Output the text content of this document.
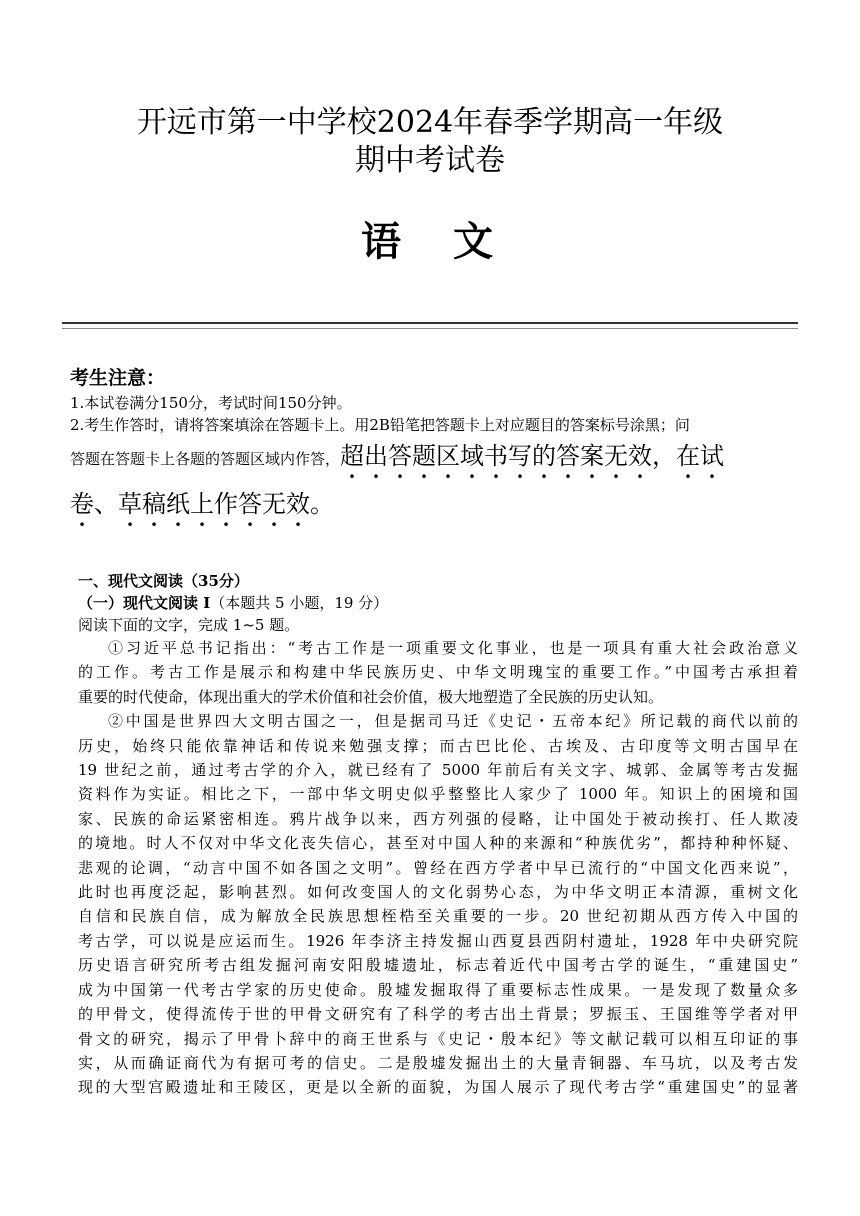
开远市第一中学校2024年春季学期高一年级
期中考试卷
语 文
考生注意：
1.本试卷满分150分，考试时间150分钟。
2.考生作答时，请将答案填涂在答题卡上。用2B铅笔把答题卡上对应题目的答案标号涂黑；问
答题在答题卡上各题的答题区域内作答，超出答题区域书写的答案无效，在试
卷、草稿纸上作答无效。
一、现代文阅读（35分）
（一）现代文阅读 Ⅰ（本题共 5 小题，19 分）
阅读下面的文字，完成 1~5 题。
①习近平总书记指出：“考古工作是一项重要文化事业，也是一项具有重大社会政治意义
的工作。考古工作是展示和构建中华民族历史、中华文明瑰宝的重要工作。”中国考古承担着
重要的时代使命，体现出重大的学术价值和社会价值，极大地塑造了全民族的历史认知。
②中国是世界四大文明古国之一，但是据司马迁《史记・五帝本纪》所记载的商代以前的
历史，始终只能依靠神话和传说来勉强支撑；而古巴比伦、古埃及、古印度等文明古国早在
19 世纪之前，通过考古学的介入，就已经有了 5000 年前后有关文字、城郭、金属等考古发掘
资料作为实证。相比之下，一部中华文明史似乎整整比人家少了 1000 年。知识上的困境和国
家、民族的命运紧密相连。鸦片战争以来，西方列强的侵略，让中国处于被动挨打、任人欺凌
的境地。时人不仅对中华文化丧失信心，甚至对中国人种的来源和“种族优劣”，都持种种怀疑、
悲观的论调，“动言中国不如各国之文明”。曾经在西方学者中早已流行的“中国文化西来说”，
此时也再度泛起，影响甚烈。如何改变国人的文化弱势心态，为中华文明正本清源，重树文化
自信和民族自信，成为解放全民族思想桎梏至关重要的一步。20 世纪初期从西方传入中国的
考古学，可以说是应运而生。1926 年李济主持发掘山西夏县西阴村遗址，1928 年中央研究院
历史语言研究所考古组发掘河南安阳殷墟遗址，标志着近代中国考古学的诞生，“重建国史”
成为中国第一代考古学家的历史使命。殷墟发掘取得了重要标志性成果。一是发现了数量众多
的甲骨文，使得流传于世的甲骨文研究有了科学的考古出土背景；罗振玉、王国维等学者对甲
骨文的研究，揭示了甲骨卜辞中的商王世系与《史记・殷本纪》等文献记载可以相互印证的事
实，从而确证商代为有据可考的信史。二是殷墟发掘出土的大量青铜器、车马坑，以及考古发
现的大型宫殿遗址和王陵区，更是以全新的面貌，为国人展示了现代考古学“重建国史”的显著
